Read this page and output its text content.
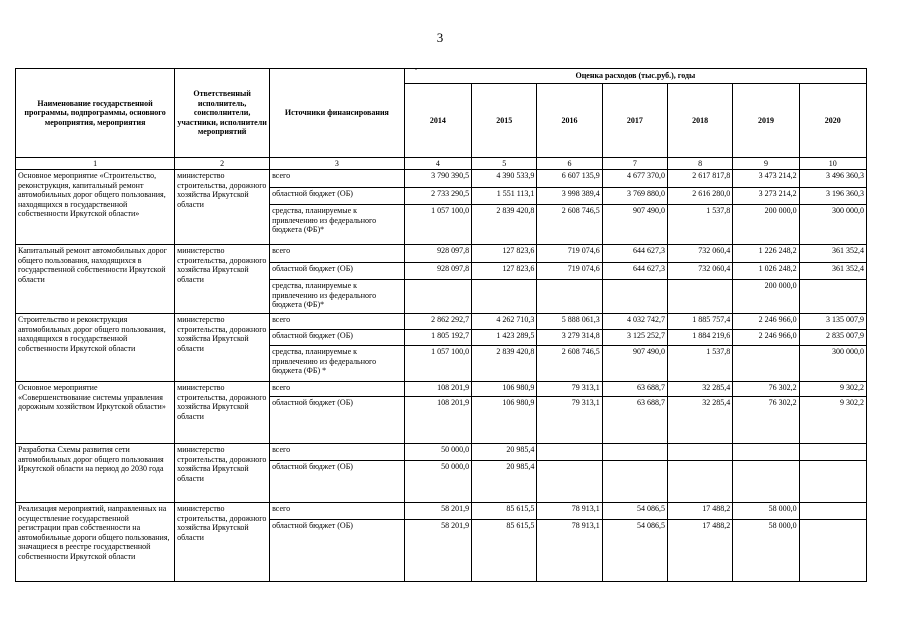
3
.
Наименование государственной программы, подпрограммы, основного мероприятия, мероприятия	Ответственный исполнитель, соисполнители, участники, исполнители мероприятий	Источники финансирования	Оценка расходов (тыс.руб.), годы						
			2014	2015	2016	2017	2018	2019	2020
1	2	3	4	5	6	7	8	9	10
Основное мероприятие «Строительство, реконструкция, капитальный ремонт автомобильных дорог общего пользования, находящихся в государственной собственности Иркутской области»	министерство строительства, дорожного хозяйства Иркутской области	всего	3 790 390,5	4 390 533,9	6 607 135,9	4 677 370,0	2 617 817,8	3 473 214,2	3 496 360,3
		областной бюджет (ОБ)	2 733 290,5	1 551 113,1	3 998 389,4	3 769 880,0	2 616 280,0	3 273 214,2	3 196 360,3
		средства, планируемые к привлечению из федерального бюджета (ФБ)*	1 057 100,0	2 839 420,8	2 608 746,5	907 490,0	1 537,8	200 000,0	300 000,0
Капитальный ремонт автомобильных дорог общего пользования, находящихся в государственной собственности Иркутской области	министерство строительства, дорожного хозяйства Иркутской области	всего	928 097,8	127 823,6	719 074,6	644 627,3	732 060,4	1 226 248,2	361 352,4
		областной бюджет (ОБ)	928 097,8	127 823,6	719 074,6	644 627,3	732 060,4	1 026 248,2	361 352,4
		средства, планируемые к привлечению из федерального бюджета (ФБ)*						200 000,0	
Строительство и реконструкция автомобильных дорог общего пользования, находящихся в государственной собственности Иркутской области	министерство строительства, дорожного хозяйства Иркутской области	всего	2 862 292,7	4 262 710,3	5 888 061,3	4 032 742,7	1 885 757,4	2 246 966,0	3 135 007,9
		областной бюджет (ОБ)	1 805 192,7	1 423 289,5	3 279 314,8	3 125 252,7	1 884 219,6	2 246 966,0	2 835 007,9
		средства, планируемые к привлечению из федерального бюджета (ФБ) *	1 057 100,0	2 839 420,8	2 608 746,5	907 490,0	1 537,8		300 000,0
Основное мероприятие «Совершенствование системы управления дорожным хозяйством Иркутской области»	министерство строительства, дорожного хозяйства Иркутской области	всего	108 201,9	106 980,9	79 313,1	63 688,7	32 285,4	76 302,2	9 302,2
		областной бюджет (ОБ)	108 201,9	106 980,9	79 313,1	63 688,7	32 285,4	76 302,2	9 302,2
Разработка Схемы развития сети автомобильных дорог общего пользования Иркутской области на период до 2030 года	министерство строительства, дорожного хозяйства Иркутской области	всего	50 000,0	20 985,4					
		областной бюджет (ОБ)	50 000,0	20 985,4					
Реализация мероприятий, направленных на осуществление государственной регистрации прав собственности на автомобильные дороги общего пользования, значащиеся в реестре государственной собственности Иркутской области	министерство строительства, дорожного хозяйства Иркутской области	всего	58 201,9	85 615,5	78 913,1	54 086,5	17 488,2	58 000,0	
		областной бюджет (ОБ)	58 201,9	85 615,5	78 913,1	54 086,5	17 488,2	58 000,0	
